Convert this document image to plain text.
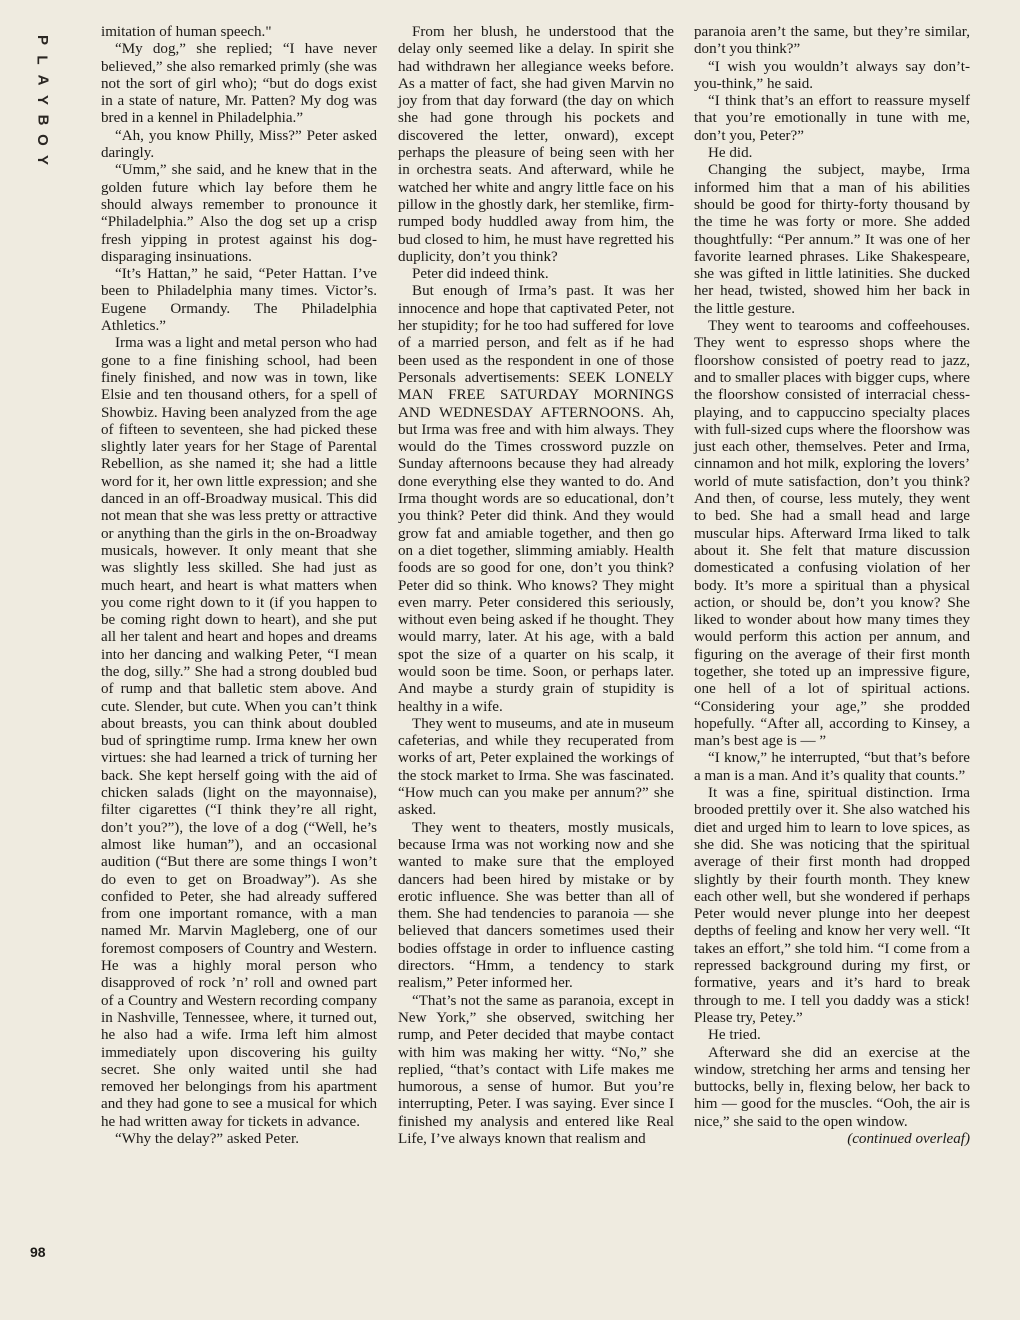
P
L
A
Y
B
O
Y
98

imitation of human speech."

“My dog,” she replied; “I have never believed,” she also remarked primly (she was not the sort of girl who); “but do dogs exist in a state of nature, Mr. Patten? My dog was bred in a kennel in Philadelphia.”

“Ah, you know Philly, Miss?” Peter asked daringly.

“Umm,” she said, and he knew that in the golden future which lay before them he should always remember to pronounce it “Philadelphia.” Also the dog set up a crisp fresh yipping in protest against his dog-disparaging insinuations.

“It’s Hattan,” he said, “Peter Hattan. I’ve been to Philadelphia many times. Victor’s. Eugene Ormandy. The Philadelphia Athletics.”

Irma was a light and metal person who had gone to a fine finishing school, had been finely finished, and now was in town, like Elsie and ten thousand others, for a spell of Showbiz. Having been analyzed from the age of fifteen to seventeen, she had picked these slightly later years for her Stage of Parental Rebellion, as she named it; she had a little word for it, her own little expression; and she danced in an off-Broadway musical. This did not mean that she was less pretty or attractive or anything than the girls in the on-Broadway musicals, however. It only meant that she was slightly less skilled. She had just as much heart, and heart is what matters when you come right down to it (if you happen to be coming right down to heart), and she put all her talent and heart and hopes and dreams into her dancing and walking Peter, “I mean the dog, silly.” She had a strong doubled bud of rump and that balletic stem above. And cute. Slender, but cute. When you can’t think about breasts, you can think about doubled bud of springtime rump. Irma knew her own virtues: she had learned a trick of turning her back. She kept herself going with the aid of chicken salads (light on the mayonnaise), filter cigarettes (“I think they’re all right, don’t you?”), the love of a dog (“Well, he’s almost like human”), and an occasional audition (“But there are some things I won’t do even to get on Broadway”). As she confided to Peter, she had already suffered from one important romance, with a man named Mr. Marvin Magleberg, one of our foremost composers of Country and Western. He was a highly moral person who disapproved of rock ’n’ roll and owned part of a Country and Western recording company in Nashville, Tennessee, where, it turned out, he also had a wife. Irma left him almost immediately upon discovering his guilty secret. She only waited until she had removed her belongings from his apartment and they had gone to see a musical for which he had written away for tickets in advance.

“Why the delay?” asked Peter.

From her blush, he understood that the delay only seemed like a delay. In spirit she had withdrawn her allegiance weeks before. As a matter of fact, she had given Marvin no joy from that day forward (the day on which she had gone through his pockets and discovered the letter, onward), except perhaps the pleasure of being seen with her in orchestra seats. And afterward, while he watched her white and angry little face on his pillow in the ghostly dark, her stemlike, firm-rumped body huddled away from him, the bud closed to him, he must have regretted his duplicity, don’t you think?

Peter did indeed think.

But enough of Irma’s past. It was her innocence and hope that captivated Peter, not her stupidity; for he too had suffered for love of a married person, and felt as if he had been used as the respondent in one of those Personals advertisements: SEEK LONELY MAN FREE SATURDAY MORNINGS AND WEDNESDAY AFTERNOONS. Ah, but Irma was free and with him always. They would do the Times crossword puzzle on Sunday afternoons because they had already done everything else they wanted to do. And Irma thought words are so educational, don’t you think? Peter did think. And they would grow fat and amiable together, and then go on a diet together, slimming amiably. Health foods are so good for one, don’t you think? Peter did so think. Who knows? They might even marry. Peter considered this seriously, without even being asked if he thought. They would marry, later. At his age, with a bald spot the size of a quarter on his scalp, it would soon be time. Soon, or perhaps later. And maybe a sturdy grain of stupidity is healthy in a wife.

They went to museums, and ate in museum cafeterias, and while they recuperated from works of art, Peter explained the workings of the stock market to Irma. She was fascinated. “How much can you make per annum?” she asked.

They went to theaters, mostly musicals, because Irma was not working now and she wanted to make sure that the employed dancers had been hired by mistake or by erotic influence. She was better than all of them. She had tendencies to paranoia — she believed that dancers sometimes used their bodies offstage in order to influence casting directors. “Hmm, a tendency to stark realism,” Peter informed her.

“That’s not the same as paranoia, except in New York,” she observed, switching her rump, and Peter decided that maybe contact with him was making her witty. “No,” she replied, “that’s contact with Life makes me humorous, a sense of humor. But you’re interrupting, Peter. I was saying. Ever since I finished my analysis and entered like Real Life, I’ve always known that realism and

paranoia aren’t the same, but they’re similar, don’t you think?”

“I wish you wouldn’t always say don’t-you-think,” he said.

“I think that’s an effort to reassure myself that you’re emotionally in tune with me, don’t you, Peter?”

He did.

Changing the subject, maybe, Irma informed him that a man of his abilities should be good for thirty-forty thousand by the time he was forty or more. She added thoughtfully: “Per annum.” It was one of her favorite learned phrases. Like Shakespeare, she was gifted in little latinities. She ducked her head, twisted, showed him her back in the little gesture.

They went to tearooms and coffeehouses. They went to espresso shops where the floorshow consisted of poetry read to jazz, and to smaller places with bigger cups, where the floorshow consisted of interracial chess-playing, and to cappuccino specialty places with full-sized cups where the floorshow was just each other, themselves. Peter and Irma, cinnamon and hot milk, exploring the lovers’ world of mute satisfaction, don’t you think? And then, of course, less mutely, they went to bed. She had a small head and large muscular hips. Afterward Irma liked to talk about it. She felt that mature discussion domesticated a confusing violation of her body. It’s more a spiritual than a physical action, or should be, don’t you know? She liked to wonder about how many times they would perform this action per annum, and figuring on the average of their first month together, she toted up an impressive figure, one hell of a lot of spiritual actions. “Considering your age,” she prodded hopefully. “After all, according to Kinsey, a man’s best age is — ”

“I know,” he interrupted, “but that’s before a man is a man. And it’s quality that counts.”

It was a fine, spiritual distinction. Irma brooded prettily over it. She also watched his diet and urged him to learn to love spices, as she did. She was noticing that the spiritual average of their first month had dropped slightly by their fourth month. They knew each other well, but she wondered if perhaps Peter would never plunge into her deepest depths of feeling and know her very well. “It takes an effort,” she told him. “I come from a repressed background during my first, or formative, years and it’s hard to break through to me. I tell you daddy was a stick! Please try, Petey.”

He tried.

Afterward she did an exercise at the window, stretching her arms and tensing her buttocks, belly in, flexing below, her back to him — good for the muscles. “Ooh, the air is nice,” she said to the open window.

(continued overleaf)
